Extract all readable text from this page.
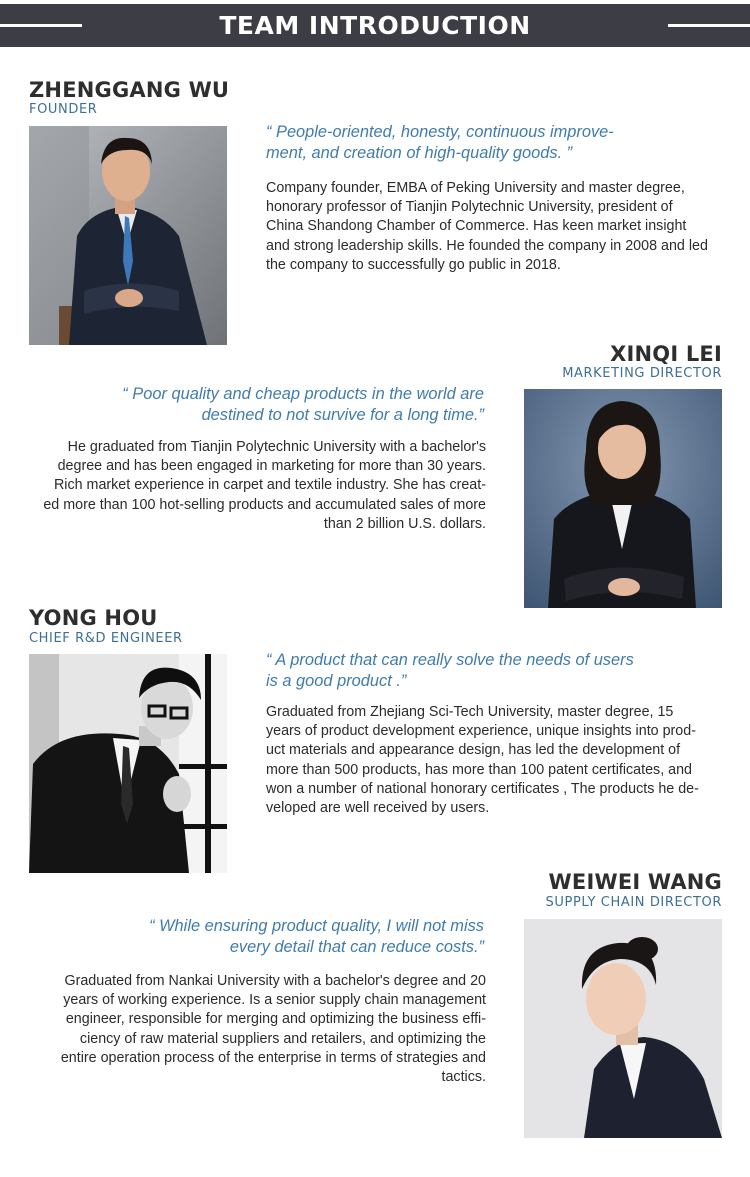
TEAM INTRODUCTION
ZHENGGANG WU
FOUNDER
“ People-oriented, honesty, continuous improve-
ment, and creation of high-quality goods. ”
Company founder, EMBA of Peking University and master degree,
honorary professor of Tianjin Polytechnic University, president of
China Shandong Chamber of Commerce. Has keen market insight
and strong leadership skills. He founded the company in 2008 and led
the company to successfully go public in 2018.
XINQI LEI
MARKETING DIRECTOR
“ Poor quality and cheap products in the world are
destined to not survive for a long time.”
He graduated from Tianjin Polytechnic University with a bachelor's
degree and has been engaged in marketing for more than 30 years.
Rich market experience in carpet and textile industry. She has creat-
ed more than 100 hot-selling products and accumulated sales of more
than 2 billion U.S. dollars.
YONG HOU
CHIEF R&D ENGINEER
“ A product that can really solve the needs of users
is a good product .”
Graduated from Zhejiang Sci-Tech University, master degree, 15
years of product development experience, unique insights into prod-
uct materials and appearance design, has led the development of
more than 500 products, has more than 100 patent certificates, and
won a number of national honorary certificates , The products he de-
veloped are well received by users.
WEIWEI WANG
SUPPLY CHAIN DIRECTOR
“ While ensuring product quality, I will not miss
every detail that can reduce costs.”
Graduated from Nankai University with a bachelor's degree and 20
years of working experience. Is a senior supply chain management
engineer, responsible for merging and optimizing the business effi-
ciency of raw material suppliers and retailers, and optimizing the
entire operation process of the enterprise in terms of strategies and
tactics.
